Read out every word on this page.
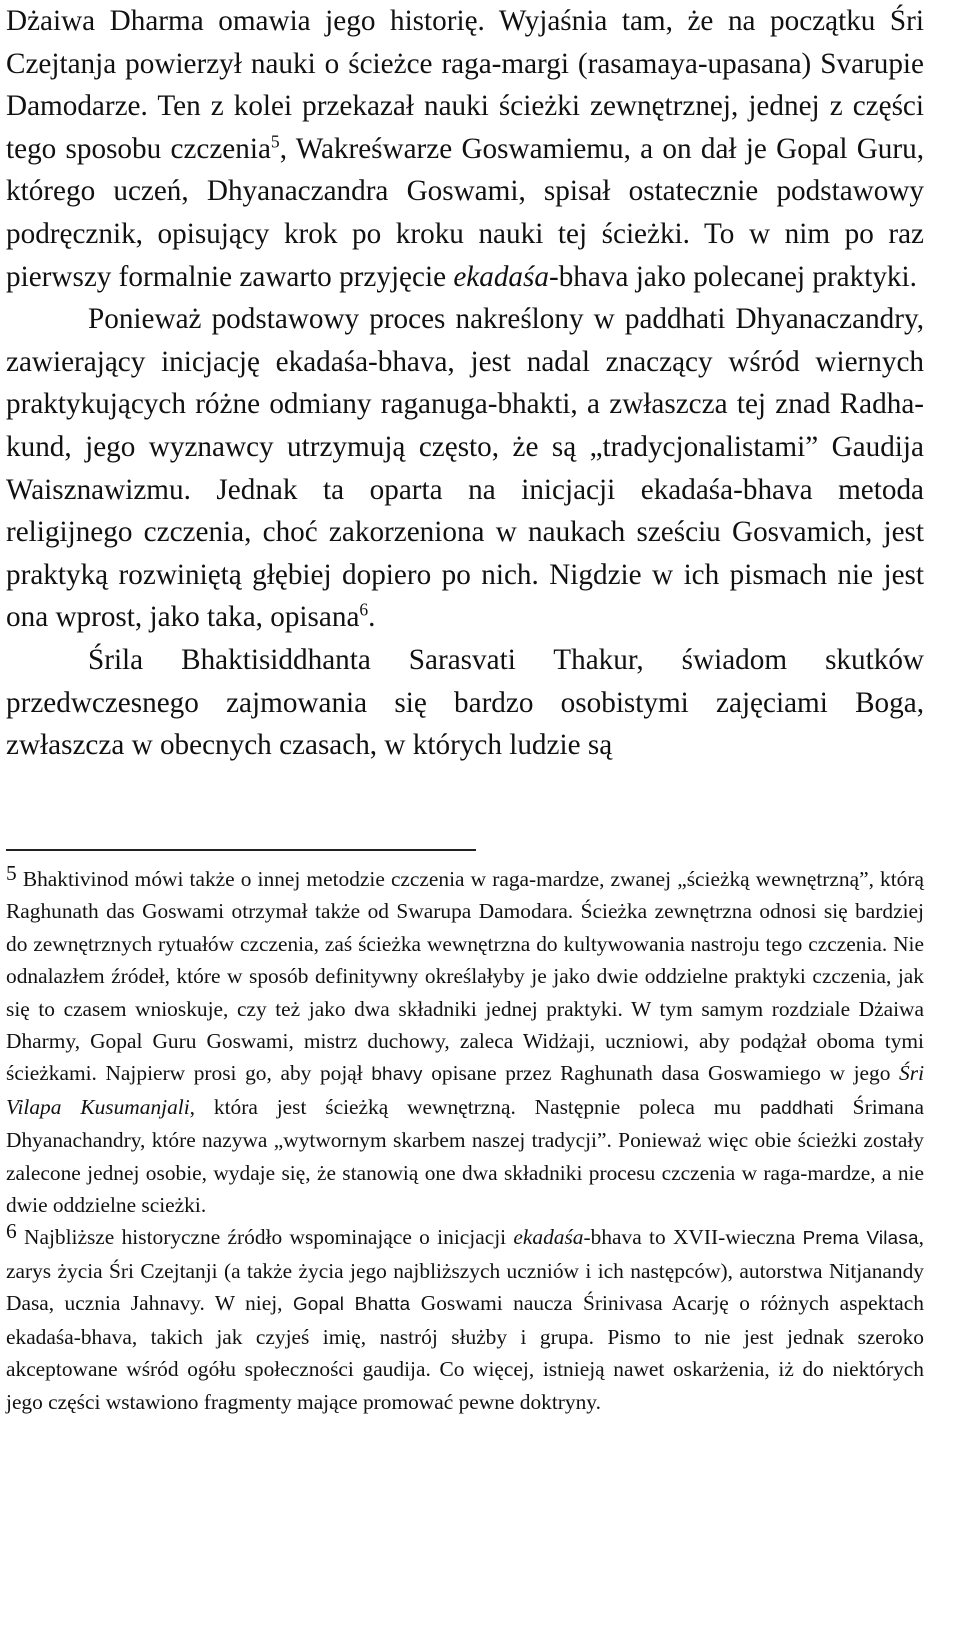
Dżaiwa Dharma omawia jego historię. Wyjaśnia tam, że na początku Śri Czejtanja powierzył nauki o ścieżce raga-margi (rasamaya-upasana) Svarupie Damodarze. Ten z kolei przekazał nauki ścieżki zewnętrznej, jednej z części tego sposobu czczenia$^5$, Wakreśwarze Goswamiemu, a on dał je Gopal Guru, którego uczeń, Dhyanaczandra Goswami, spisał ostatecznie podstawowy podręcznik, opisujący krok po kroku nauki tej ścieżki. To w nim po raz pierwszy formalnie zawarto przyjęcie ekadaśa-bhava jako polecanej praktyki.

Ponieważ podstawowy proces nakreślony w paddhati Dhyanaczandry, zawierający inicjację ekadaśa-bhava, jest nadal znaczący wśród wiernych praktykujących różne odmiany raganuga-bhakti, a zwłaszcza tej znad Radha-kund, jego wyznawcy utrzymują często, że są „tradycjonalistami” Gaudija Waisznawizmu. Jednak ta oparta na inicjacji ekadaśa-bhava metoda religijnego czczenia, choć zakorzeniona w naukach sześciu Gosvamich, jest praktyką rozwiniętą głębiej dopiero po nich. Nigdzie w ich pismach nie jest ona wprost, jako taka, opisana$^6$.

Śrila Bhaktisiddhanta Sarasvati Thakur, świadom skutków przedwczesnego zajmowania się bardzo osobistymi zajęciami Boga, zwłaszcza w obecnych czasach, w których ludzie są

5 Bhaktivinod mówi także o innej metodzie czczenia w raga-mardze, zwanej „ścieżką wewnętrzną”, którą Raghunath das Goswami otrzymał także od Swarupa Damodara. Ścieżka zewnętrzna odnosi się bardziej do zewnętrznych rytuałów czczenia, zaś ścieżka wewnętrzna do kultywowania nastroju tego czczenia. Nie odnalazłem źródeł, które w sposób definitywny określałyby je jako dwie oddzielne praktyki czczenia, jak się to czasem wnioskuje, czy też jako dwa składniki jednej praktyki. W tym samym rozdziale Dżaiwa Dharmy, Gopal Guru Goswami, mistrz duchowy, zaleca Widżaji, uczniowi, aby podążał oboma tymi ścieżkami. Najpierw prosi go, aby pojął bhavy opisane przez Raghunath dasa Goswamiego w jego Śri Vilapa Kusumanjali, która jest ścieżką wewnętrzną. Następnie poleca mu paddhati Śrimana Dhyanachandry, które nazywa „wytwornym skarbem naszej tradycji”. Ponieważ więc obie ścieżki zostały zalecone jednej osobie, wydaje się, że stanowią one dwa składniki procesu czczenia w raga-mardze, a nie dwie oddzielne scieżki.

6 Najbliższe historyczne źródło wspominające o inicjacji ekadaśa-bhava to XVII-wieczna Prema Vilasa, zarys życia Śri Czejtanji (a także życia jego najbliższych uczniów i ich następców), autorstwa Nitjanandy Dasa, ucznia Jahnavy. W niej, Gopal Bhatta Goswami naucza Śrinivasa Acarję o różnych aspektach ekadaśa-bhava, takich jak czyjeś imię, nastrój służby i grupa. Pismo to nie jest jednak szeroko akceptowane wśród ogółu społeczności gaudija. Co więcej, istnieją nawet oskarżenia, iż do niektórych jego części wstawiono fragmenty mające promować pewne doktryny.
